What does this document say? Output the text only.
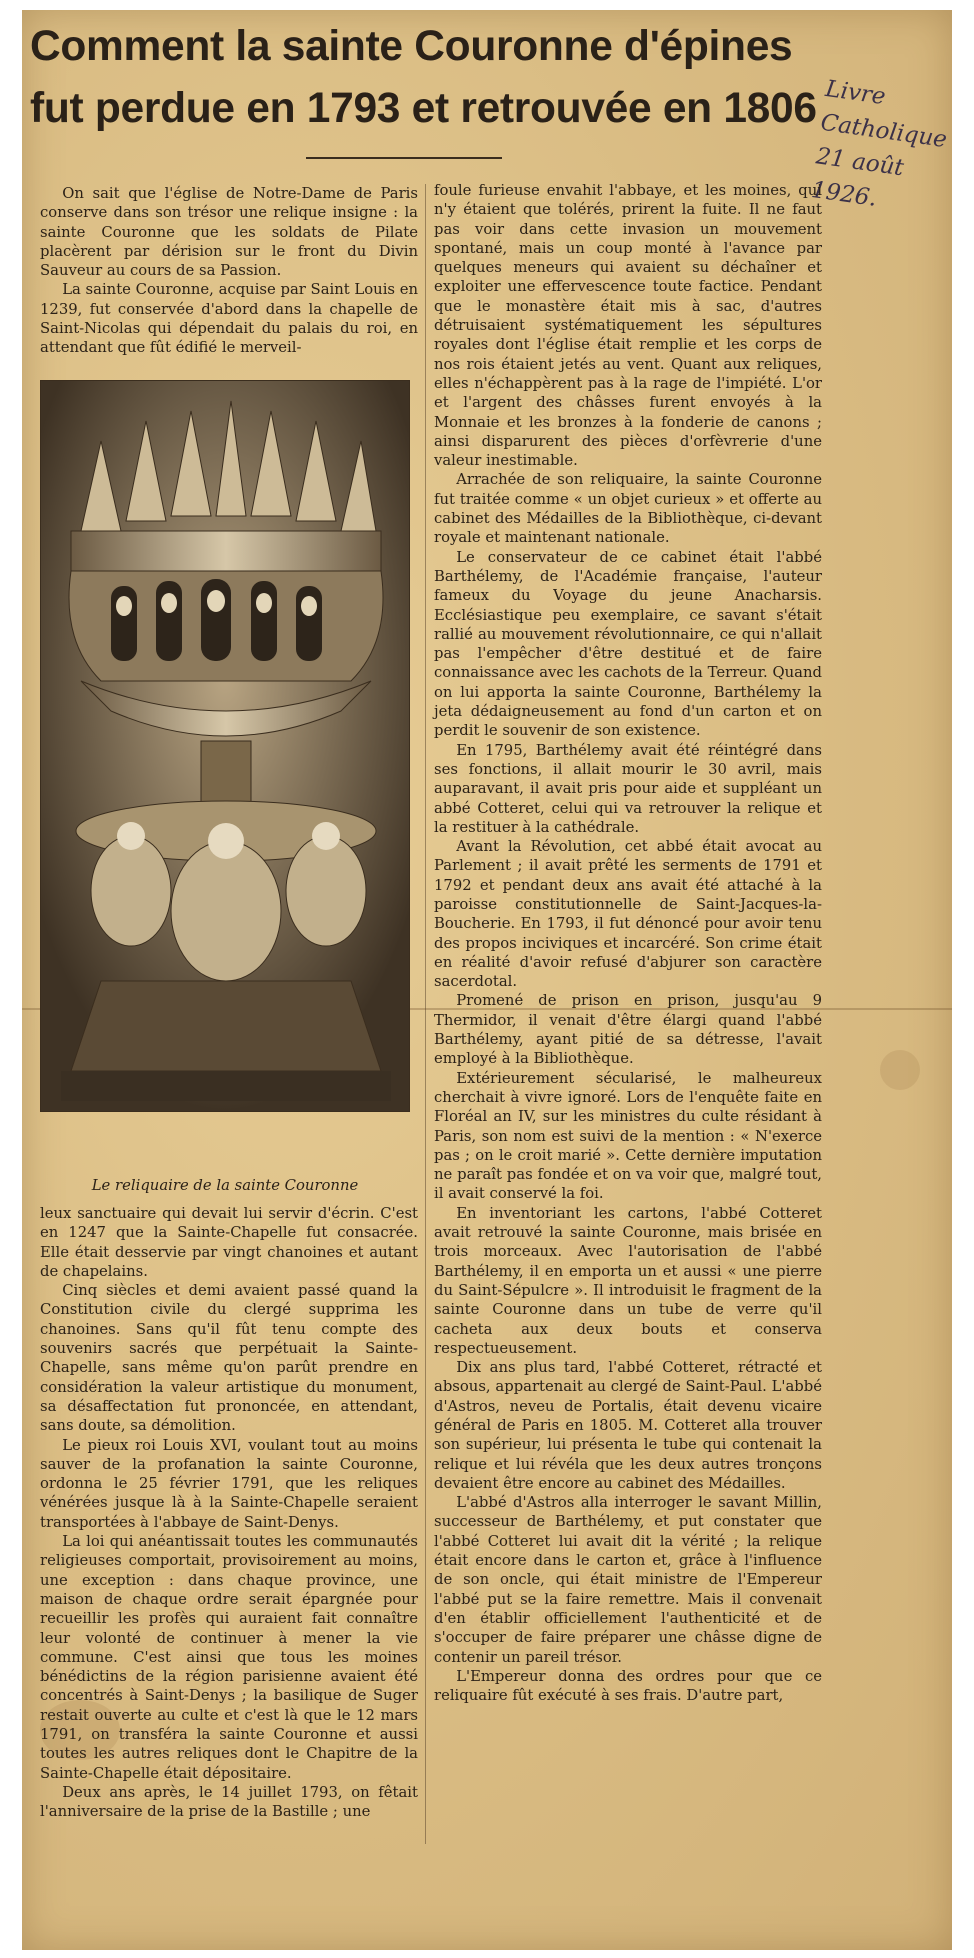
Comment la sainte Couronne d'épines
fut perdue en 1793 et retrouvée en 1806 Livre
Catholique
21 août
1926.

On sait que l'église de Notre-Dame de Paris conserve dans son trésor une relique insigne : la sainte Couronne que les soldats de Pilate placèrent par dérision sur le front du Divin Sauveur au cours de sa Passion.

La sainte Couronne, acquise par Saint Louis en 1239, fut conservée d'abord dans la chapelle de Saint-Nicolas qui dépendait du palais du roi, en attendant que fût édifié le merveil-

Le reliquaire de la sainte Couronne

leux sanctuaire qui devait lui servir d'écrin. C'est en 1247 que la Sainte-Chapelle fut consacrée. Elle était desservie par vingt chanoines et autant de chapelains.

Cinq siècles et demi avaient passé quand la Constitution civile du clergé supprima les chanoines. Sans qu'il fût tenu compte des souvenirs sacrés que perpétuait la Sainte-Chapelle, sans même qu'on parût prendre en considération la valeur artistique du monument, sa désaffectation fut prononcée, en attendant, sans doute, sa démolition.

Le pieux roi Louis XVI, voulant tout au moins sauver de la profanation la sainte Couronne, ordonna le 25 février 1791, que les reliques vénérées jusque là à la Sainte-Chapelle seraient transportées à l'abbaye de Saint-Denys.

La loi qui anéantissait toutes les communautés religieuses comportait, provisoirement au moins, une exception : dans chaque province, une maison de chaque ordre serait épargnée pour recueillir les profès qui auraient fait connaître leur volonté de continuer à mener la vie commune. C'est ainsi que tous les moines bénédictins de la région parisienne avaient été concentrés à Saint-Denys ; la basilique de Suger restait ouverte au culte et c'est là que le 12 mars 1791, on transféra la sainte Couronne et aussi toutes les autres reliques dont le Chapitre de la Sainte-Chapelle était dépositaire.

Deux ans après, le 14 juillet 1793, on fêtait l'anniversaire de la prise de la Bastille ; une

foule furieuse envahit l'abbaye, et les moines, qui n'y étaient que tolérés, prirent la fuite. Il ne faut pas voir dans cette invasion un mouvement spontané, mais un coup monté à l'avance par quelques meneurs qui avaient su déchaîner et exploiter une effervescence toute factice. Pendant que le monastère était mis à sac, d'autres détruisaient systématiquement les sépultures royales dont l'église était remplie et les corps de nos rois étaient jetés au vent. Quant aux reliques, elles n'échappèrent pas à la rage de l'impiété. L'or et l'argent des châsses furent envoyés à la Monnaie et les bronzes à la fonderie de canons ; ainsi disparurent des pièces d'orfèvrerie d'une valeur inestimable.

Arrachée de son reliquaire, la sainte Couronne fut traitée comme « un objet curieux » et offerte au cabinet des Médailles de la Bibliothèque, ci-devant royale et maintenant nationale.

Le conservateur de ce cabinet était l'abbé Barthélemy, de l'Académie française, l'auteur fameux du Voyage du jeune Anacharsis. Ecclésiastique peu exemplaire, ce savant s'était rallié au mouvement révolutionnaire, ce qui n'allait pas l'empêcher d'être destitué et de faire connaissance avec les cachots de la Terreur. Quand on lui apporta la sainte Couronne, Barthélemy la jeta dédaigneusement au fond d'un carton et on perdit le souvenir de son existence.

En 1795, Barthélemy avait été réintégré dans ses fonctions, il allait mourir le 30 avril, mais auparavant, il avait pris pour aide et suppléant un abbé Cotteret, celui qui va retrouver la relique et la restituer à la cathédrale.

Avant la Révolution, cet abbé était avocat au Parlement ; il avait prêté les serments de 1791 et 1792 et pendant deux ans avait été attaché à la paroisse constitutionnelle de Saint-Jacques-la-Boucherie. En 1793, il fut dénoncé pour avoir tenu des propos inciviques et incarcéré. Son crime était en réalité d'avoir refusé d'abjurer son caractère sacerdotal.

Promené de prison en prison, jusqu'au 9 Thermidor, il venait d'être élargi quand l'abbé Barthélemy, ayant pitié de sa détresse, l'avait employé à la Bibliothèque.

Extérieurement sécularisé, le malheureux cherchait à vivre ignoré. Lors de l'enquête faite en Floréal an IV, sur les ministres du culte résidant à Paris, son nom est suivi de la mention : « N'exerce pas ; on le croit marié ». Cette dernière imputation ne paraît pas fondée et on va voir que, malgré tout, il avait conservé la foi.

En inventoriant les cartons, l'abbé Cotteret avait retrouvé la sainte Couronne, mais brisée en trois morceaux. Avec l'autorisation de l'abbé Barthélemy, il en emporta un et aussi « une pierre du Saint-Sépulcre ». Il introduisit le fragment de la sainte Couronne dans un tube de verre qu'il cacheta aux deux bouts et conserva respectueusement.

Dix ans plus tard, l'abbé Cotteret, rétracté et absous, appartenait au clergé de Saint-Paul. L'abbé d'Astros, neveu de Portalis, était devenu vicaire général de Paris en 1805. M. Cotteret alla trouver son supérieur, lui présenta le tube qui contenait la relique et lui révéla que les deux autres tronçons devaient être encore au cabinet des Médailles.

L'abbé d'Astros alla interroger le savant Millin, successeur de Barthélemy, et put constater que l'abbé Cotteret lui avait dit la vérité ; la relique était encore dans le carton et, grâce à l'influence de son oncle, qui était ministre de l'Empereur l'abbé put se la faire remettre. Mais il convenait d'en établir officiellement l'authenticité et de s'occuper de faire préparer une châsse digne de contenir un pareil trésor.

L'Empereur donna des ordres pour que ce reliquaire fût exécuté à ses frais. D'autre part,
